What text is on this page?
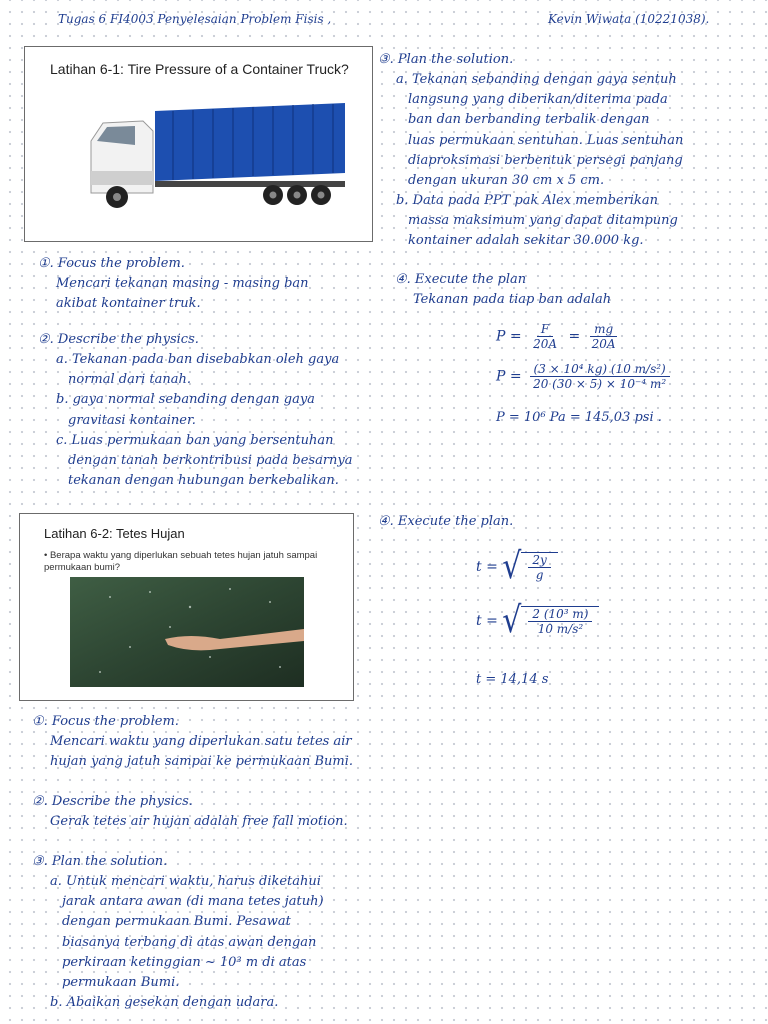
Tugas 6 FI4003 Penyelesaian Problem Fisis ,	Kevin Wiwata (10221038).

Latihan 6-1: Tire Pressure of a Container Truck?
Latihan 6-2: Tetes Hujan
• Berapa waktu yang diperlukan sebuah tetes hujan jatuh sampai permukaan bumi?

①. Focus the problem.

Mencari tekanan masing - masing ban

akibat kontainer truk.

②. Describe the physics.

a. Tekanan pada ban disebabkan oleh gaya

normal dari tanah.

b. gaya normal sebanding dengan gaya

gravitasi kontainer.

c. Luas permukaan ban yang bersentuhan

dengan tanah berkontribusi pada besarnya

tekanan dengan hubungan berkebalikan.

③. Plan the solution.

a. Tekanan sebanding dengan gaya sentuh

langsung yang diberikan/diterima pada

ban dan berbanding terbalik dengan

luas permukaan sentuhan. Luas sentuhan

diaproksimasi berbentuk persegi panjang

dengan ukuran 30 cm x 5 cm.

b. Data pada PPT pak Alex memberikan

massa maksimum yang dapat ditampung

kontainer adalah sekitar 30.000 kg.

④. Execute the plan

Tekanan pada tiap ban adalah

$P = \frac{F}{20A} = \frac{mg}{20A}$
$P = \frac{\text{(3 × 10⁴ kg) (10 m/s²)}}{\text{20 (30 × 5) × 10⁻⁴ m²}}$
P = 10⁶ Pa = 145,03 psi .

④. Execute the plan.

t = √ $\frac{2y}{g}$
t = √ $\frac{\text{2 (10³ m)}}{\text{10 m/s²}}$
t = 14,14 s

①. Focus the problem.

Mencari waktu yang diperlukan satu tetes air

hujan yang jatuh sampai ke permukaan Bumi.

②. Describe the physics.

Gerak tetes air hujan adalah free fall motion.

③. Plan the solution.

a. Untuk mencari waktu, harus diketahui

jarak antara awan (di mana tetes jatuh)

dengan permukaan Bumi. Pesawat

biasanya terbang di atas awan dengan

perkiraan ketinggian ~ 10³ m di atas

permukaan Bumi.

b. Abaikan gesekan dengan udara.
